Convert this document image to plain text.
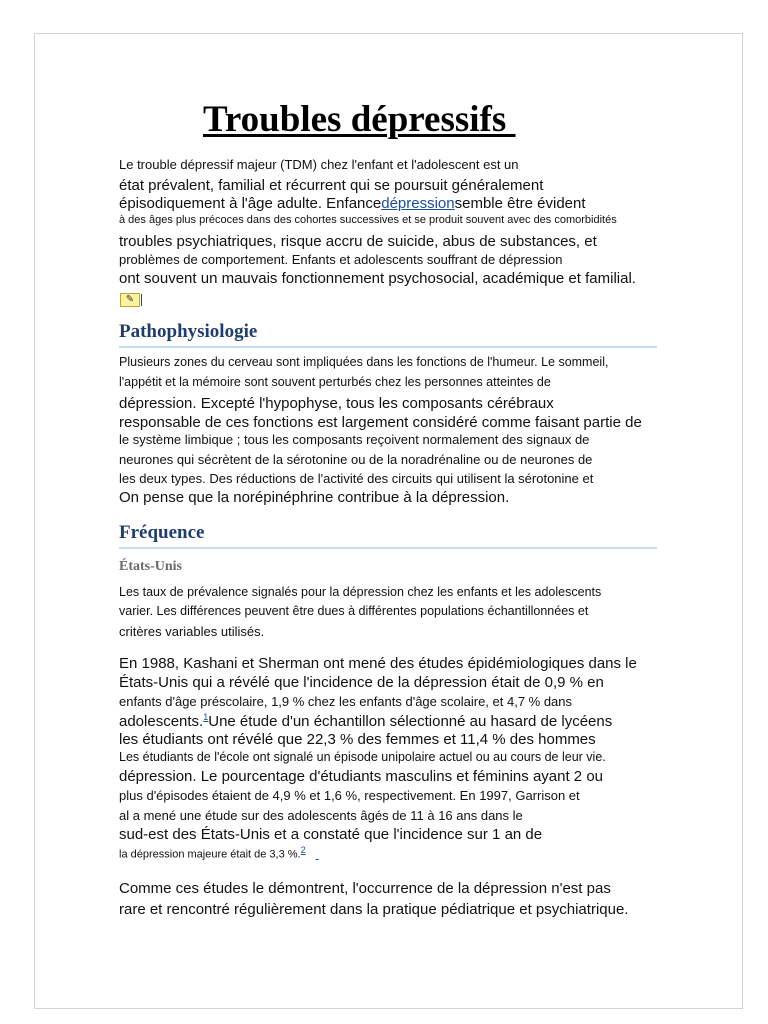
Troubles dépressifs

Le trouble dépressif majeur (TDM) chez l'enfant et l'adolescent est un

état prévalent, familial et récurrent qui se poursuit généralement

épisodiquement à l'âge adulte. Enfancedépressionsemble être évident

à des âges plus précoces dans des cohortes successives et se produit souvent avec des comorbidités

troubles psychiatriques, risque accru de suicide, abus de substances, et

problèmes de comportement. Enfants et adolescents souffrant de dépression

ont souvent un mauvais fonctionnement psychosocial, académique et familial.

✎
Pathophysiologie

Plusieurs zones du cerveau sont impliquées dans les fonctions de l'humeur. Le sommeil,

l'appétit et la mémoire sont souvent perturbés chez les personnes atteintes de

dépression. Excepté l'hypophyse, tous les composants cérébraux

responsable de ces fonctions est largement considéré comme faisant partie de

le système limbique ; tous les composants reçoivent normalement des signaux de

neurones qui sécrètent de la sérotonine ou de la noradrénaline ou de neurones de

les deux types. Des réductions de l'activité des circuits qui utilisent la sérotonine et

On pense que la norépinéphrine contribue à la dépression.

Fréquence
États-Unis

Les taux de prévalence signalés pour la dépression chez les enfants et les adolescents

varier. Les différences peuvent être dues à différentes populations échantillonnées et

critères variables utilisés.

En 1988, Kashani et Sherman ont mené des études épidémiologiques dans le

États-Unis qui a révélé que l'incidence de la dépression était de 0,9 % en

enfants d'âge préscolaire, 1,9 % chez les enfants d'âge scolaire, et 4,7 % dans

adolescents.$^1$Une étude d'un échantillon sélectionné au hasard de lycéens

les étudiants ont révélé que 22,3 % des femmes et 11,4 % des hommes

Les étudiants de l'école ont signalé un épisode unipolaire actuel ou au cours de leur vie.

dépression. Le pourcentage d'étudiants masculins et féminins ayant 2 ou

plus d'épisodes étaient de 4,9 % et 1,6 %, respectivement. En 1997, Garrison et

al a mené une étude sur des adolescents âgés de 11 à 16 ans dans le

sud-est des États-Unis et a constaté que l'incidence sur 1 an de

la dépression majeure était de 3,3 %.$^2$

Comme ces études le démontrent, l'occurrence de la dépression n'est pas

rare et rencontré régulièrement dans la pratique pédiatrique et psychiatrique.
